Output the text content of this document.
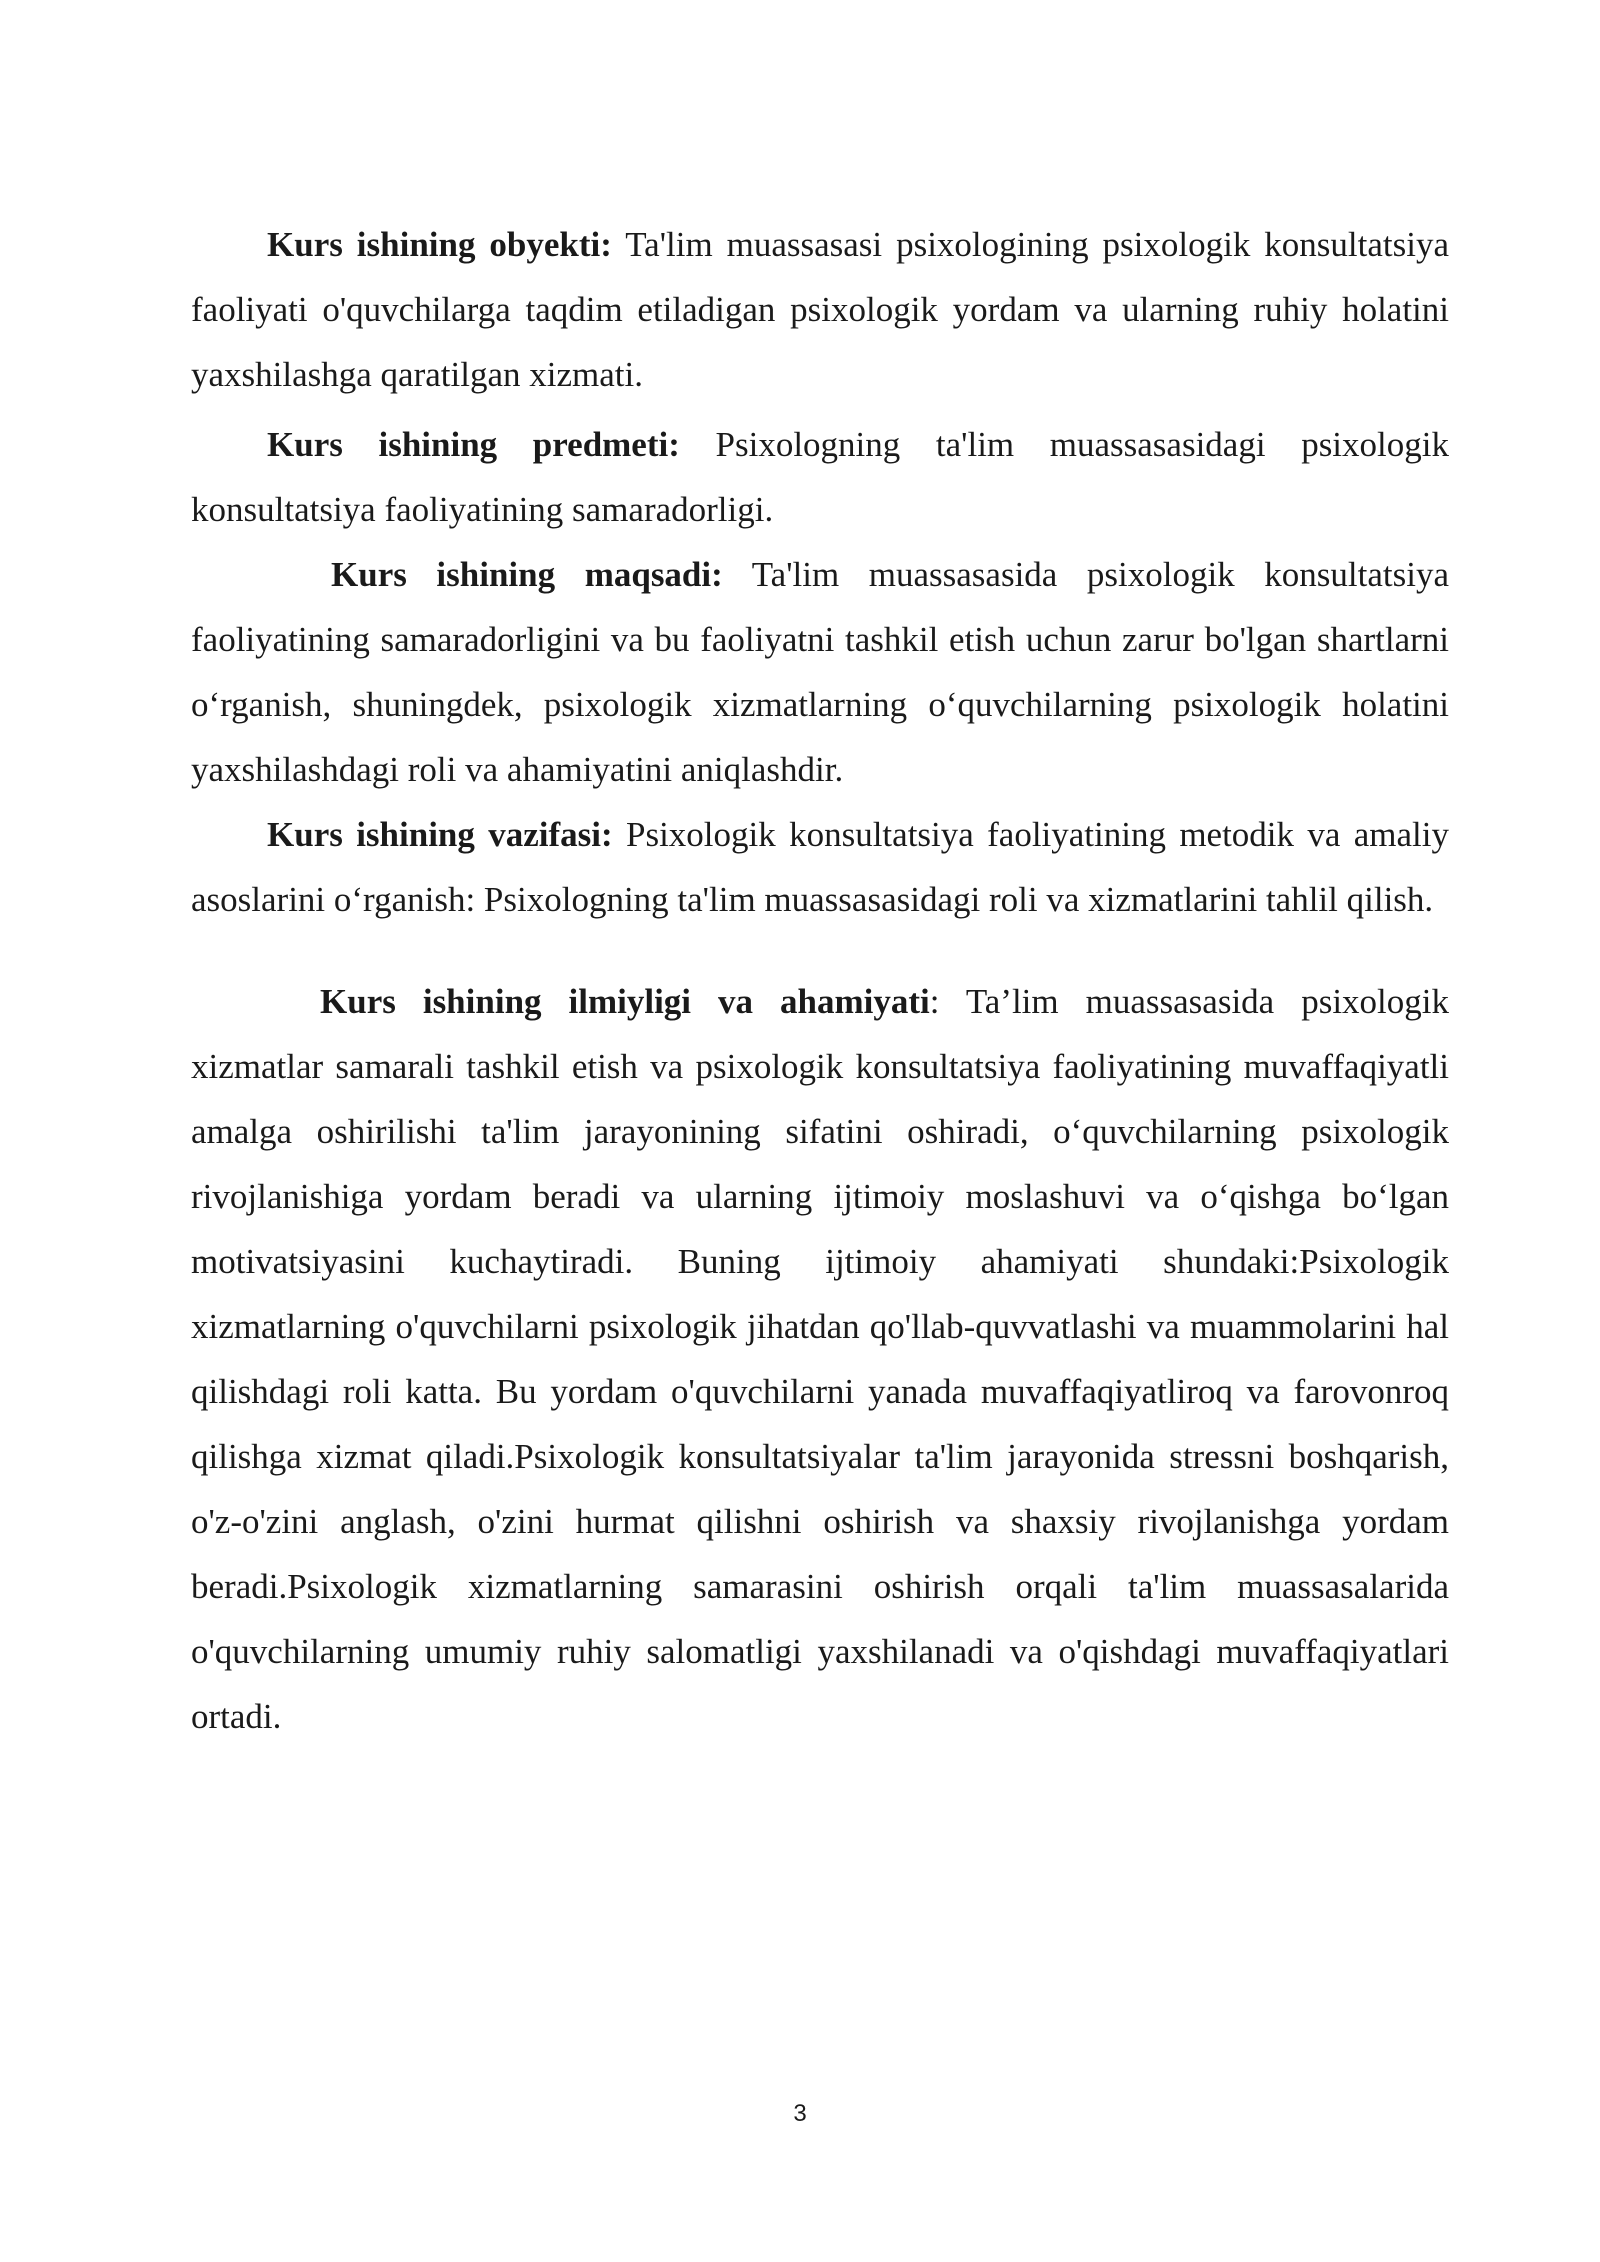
Kurs ishining obyekti: Ta'lim muassasasi psixologining psixologik konsultatsiya faoliyati o'quvchilarga taqdim etiladigan psixologik yordam va ularning ruhiy holatini yaxshilashga qaratilgan xizmati.

Kurs ishining predmeti: Psixologning ta'lim muassasasidagi psixologik konsultatsiya faoliyatining samaradorligi.

Kurs ishining maqsadi: Ta'lim muassasasida psixologik konsultatsiya faoliyatining samaradorligini va bu faoliyatni tashkil etish uchun zarur bo'lgan shartlarni o‘rganish, shuningdek, psixologik xizmatlarning o‘quvchilarning psixologik holatini yaxshilashdagi roli va ahamiyatini aniqlashdir.

Kurs ishining vazifasi: Psixologik konsultatsiya faoliyatining metodik va amaliy asoslarini o‘rganish: Psixologning ta'lim muassasasidagi roli va xizmatlarini tahlil qilish.

Kurs ishining ilmiyligi va ahamiyati: Ta’lim muassasasida psixologik xizmatlar samarali tashkil etish va psixologik konsultatsiya faoliyatining muvaffaqiyatli amalga oshirilishi ta'lim jarayonining sifatini oshiradi, o‘quvchilarning psixologik rivojlanishiga yordam beradi va ularning ijtimoiy moslashuvi va o‘qishga bo‘lgan motivatsiyasini kuchaytiradi. Buning ijtimoiy ahamiyati shundaki:Psixologik xizmatlarning o'quvchilarni psixologik jihatdan qo'llab-quvvatlashi va muammolarini hal qilishdagi roli katta. Bu yordam o'quvchilarni yanada muvaffaqiyatliroq va farovonroq qilishga xizmat qiladi.Psixologik konsultatsiyalar ta'lim jarayonida stressni boshqarish, o'z-o'zini anglash, o'zini hurmat qilishni oshirish va shaxsiy rivojlanishga yordam beradi.Psixologik xizmatlarning samarasini oshirish orqali ta'lim muassasalarida o'quvchilarning umumiy ruhiy salomatligi yaxshilanadi va o'qishdagi muvaffaqiyatlari ortadi.

3
